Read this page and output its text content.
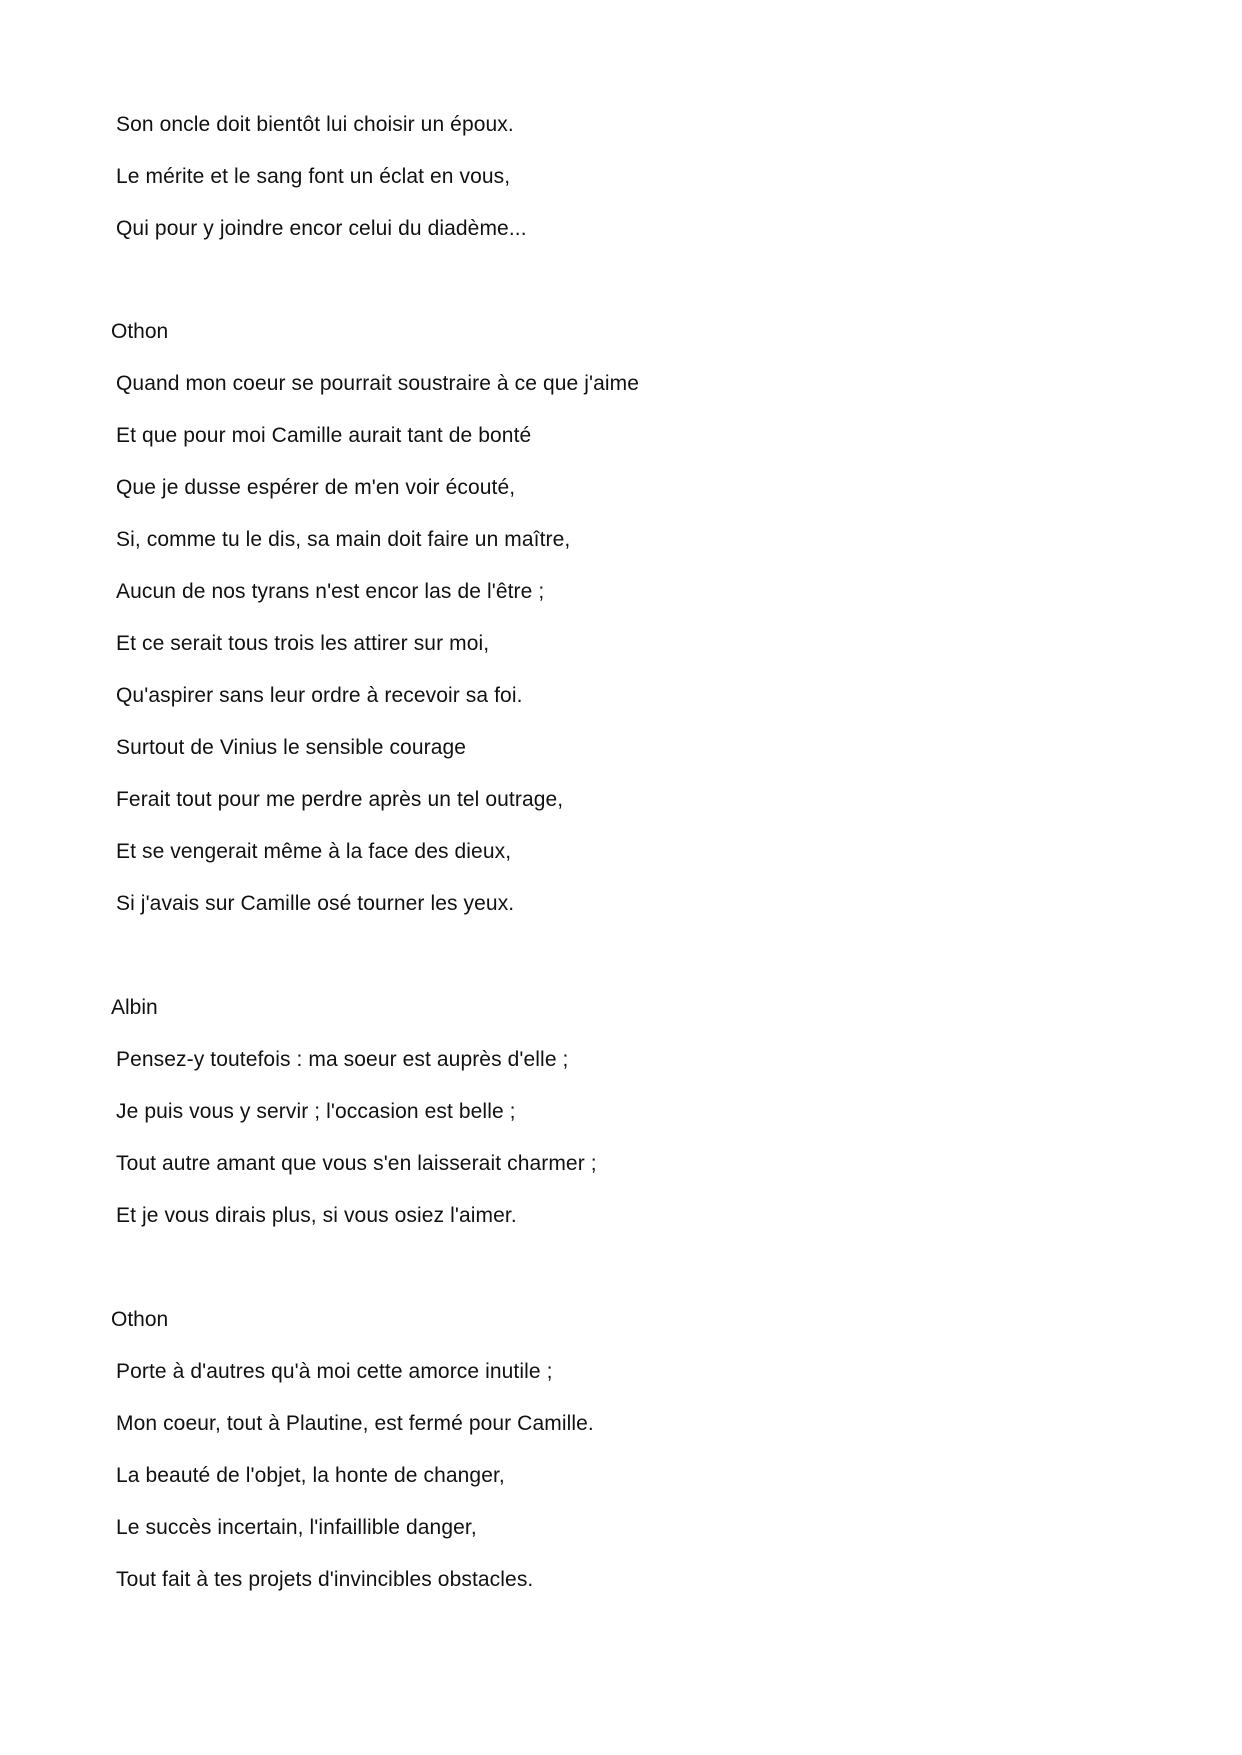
Son oncle doit bientôt lui choisir un époux.
Le mérite et le sang font un éclat en vous,
Qui pour y joindre encor celui du diadème...
Othon
Quand mon coeur se pourrait soustraire à ce que j'aime
Et que pour moi Camille aurait tant de bonté
Que je dusse espérer de m'en voir écouté,
Si, comme tu le dis, sa main doit faire un maître,
Aucun de nos tyrans n'est encor las de l'être ;
Et ce serait tous trois les attirer sur moi,
Qu'aspirer sans leur ordre à recevoir sa foi.
Surtout de Vinius le sensible courage
Ferait tout pour me perdre après un tel outrage,
Et se vengerait même à la face des dieux,
Si j'avais sur Camille osé tourner les yeux.
Albin
Pensez-y toutefois : ma soeur est auprès d'elle ;
Je puis vous y servir ; l'occasion est belle ;
Tout autre amant que vous s'en laisserait charmer ;
Et je vous dirais plus, si vous osiez l'aimer.
Othon
Porte à d'autres qu'à moi cette amorce inutile ;
Mon coeur, tout à Plautine, est fermé pour Camille.
La beauté de l'objet, la honte de changer,
Le succès incertain, l'infaillible danger,
Tout fait à tes projets d'invincibles obstacles.
